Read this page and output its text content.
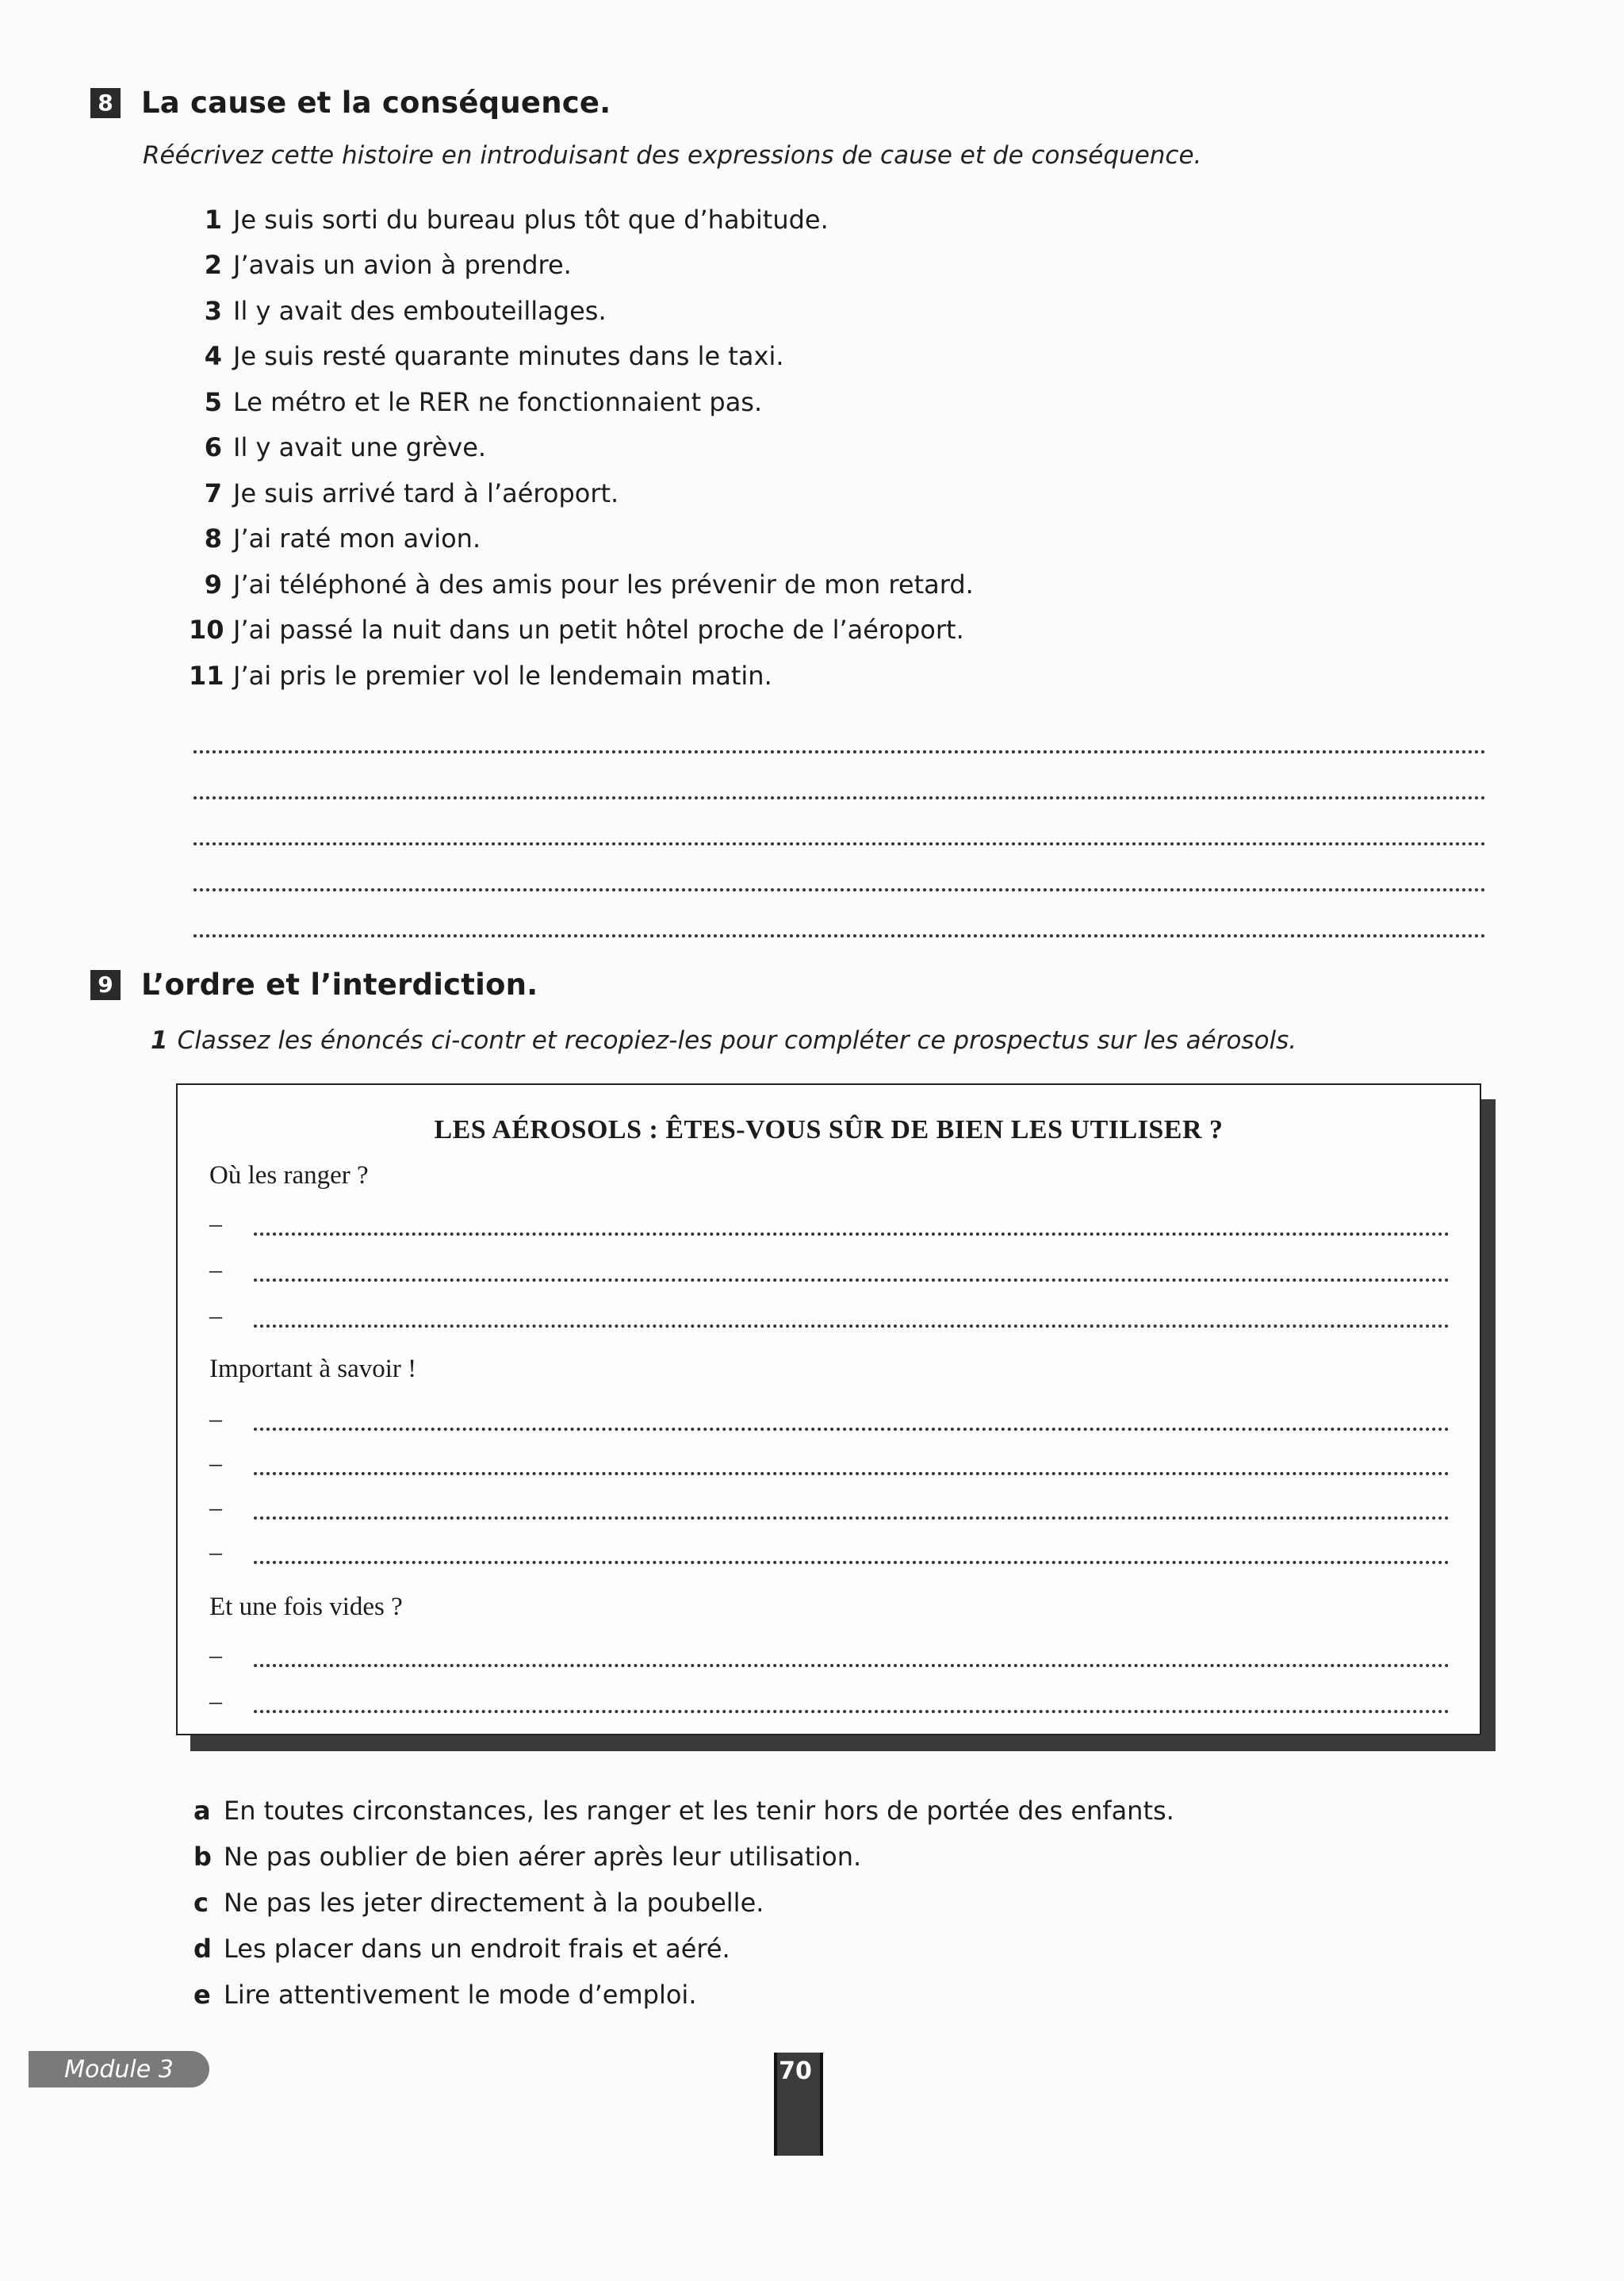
8 La cause et la conséquence.
Réécrivez cette histoire en introduisant des expressions de cause et de conséquence.
1 Je suis sorti du bureau plus tôt que d’habitude.
2 J’avais un avion à prendre.
3 Il y avait des embouteillages.
4 Je suis resté quarante minutes dans le taxi.
5 Le métro et le RER ne fonctionnaient pas.
6 Il y avait une grève.
7 Je suis arrivé tard à l’aéroport.
8 J’ai raté mon avion.
9 J’ai téléphoné à des amis pour les prévenir de mon retard.
10 J’ai passé la nuit dans un petit hôtel proche de l’aéroport.
11 J’ai pris le premier vol le lendemain matin.
9 L’ordre et l’interdiction.
1 Classez les énoncés ci-contr et recopiez-les pour compléter ce prospectus sur les aérosols.
LES AÉROSOLS : ÊTES-VOUS SÛR DE BIEN LES UTILISER ?
Où les ranger ?
–
–
–
Important à savoir !
–
–
–
–
Et une fois vides ?
–
–
a En toutes circonstances, les ranger et les tenir hors de portée des enfants.
b Ne pas oublier de bien aérer après leur utilisation.
c Ne pas les jeter directement à la poubelle.
d Les placer dans un endroit frais et aéré.
e Lire attentivement le mode d’emploi.
Module 3	70
